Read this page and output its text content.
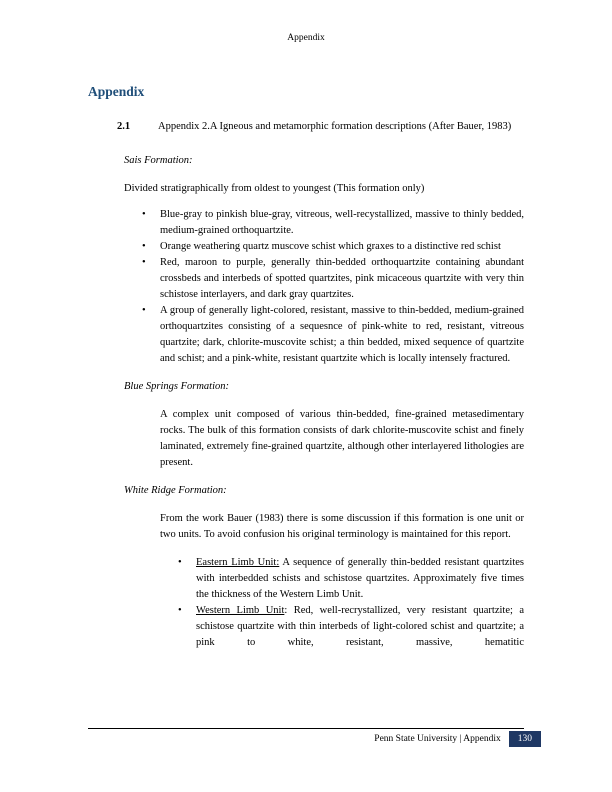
Appendix
Appendix
2.1	Appendix 2.A Igneous and metamorphic formation descriptions (After Bauer, 1983)

Sais Formation:

Divided stratigraphically from oldest to youngest (This formation only)

• Blue-gray to pinkish blue-gray, vitreous, well-recystallized, massive to thinly bedded, medium-grained orthoquartzite.
• Orange weathering quartz muscove schist which graxes to a distinctive red schist
• Red, maroon to purple, generally thin-bedded orthoquartzite containing abundant crossbeds and interbeds of spotted quartzites, pink micaceous quartzite with very thin schistose interlayers, and dark gray quartzites.
• A group of generally light-colored, resistant, massive to thin-bedded, medium-grained orthoquartzites consisting of a sequesnce of pink-white to red, resistant, vitreous quartzite; dark, chlorite-muscovite schist; a thin bedded, mixed sequence of quartzite and schist; and a pink-white, resistant quartzite which is locally intensely fractured.

Blue Springs Formation:

A complex unit composed of various thin-bedded, fine-grained metasedimentary rocks. The bulk of this formation consists of dark chlorite-muscovite schist and finely laminated, extremely fine-grained quartzite, although other interlayered lithologies are present.

White Ridge Formation:

From the work Bauer (1983) there is some discussion if this formation is one unit or two units. To avoid confusion his original terminology is maintained for this report.

• Eastern Limb Unit: A sequence of generally thin-bedded resistant quartzites with interbedded schists and schistose quartzites. Approximately five times the thickness of the Western Limb Unit.
• Western Limb Unit: Red, well-recrystallized, very resistant quartzite; a schistose quartzite with thin interbeds of light-colored schist and quartzite; a pink to white, resistant, massive, hematitic
Penn State University | Appendix	130
